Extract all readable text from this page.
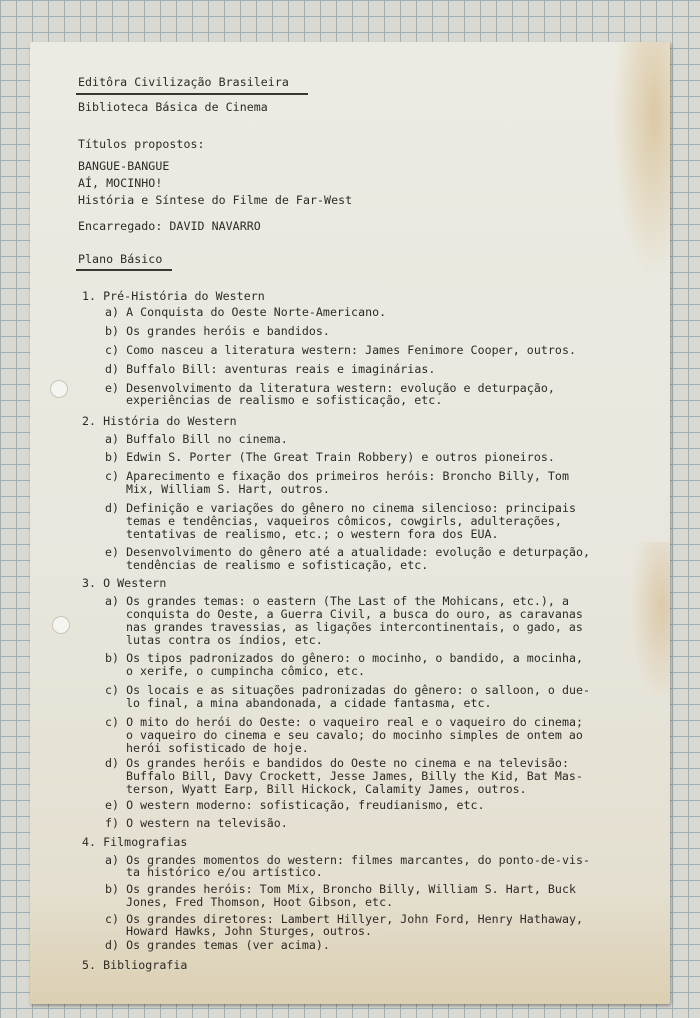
Editôra Civilização Brasileira

Biblioteca Básica de Cinema

Títulos propostos:

BANGUE-BANGUE

AÍ, MOCINHO!

História e Síntese do Filme de Far-West

Encarregado: DAVID NAVARRO

Plano Básico

1. Pré-História do Western

a) A Conquista do Oeste Norte-Americano.

b) Os grandes heróis e bandidos.

c) Como nasceu a literatura western: James Fenimore Cooper, outros.

d) Buffalo Bill: aventuras reais e imaginárias.

e) Desenvolvimento da literatura western: evolução e deturpação,

experiências de realismo e sofisticação, etc.

2. História do Western

a) Buffalo Bill no cinema.

b) Edwin S. Porter (The Great Train Robbery) e outros pioneiros.

c) Aparecimento e fixação dos primeiros heróis: Broncho Billy, Tom

Mix, William S. Hart, outros.

d) Definição e variações do gênero no cinema silencioso: principais

temas e tendências, vaqueiros cômicos, cowgirls, adulterações,

tentativas de realismo, etc.; o western fora dos EUA.

e) Desenvolvimento do gênero até a atualidade: evolução e deturpação,

tendências de realismo e sofisticação, etc.

3. O Western

a) Os grandes temas: o eastern (The Last of the Mohicans, etc.), a

conquista do Oeste, a Guerra Civil, a busca do ouro, as caravanas

nas grandes travessias, as ligações intercontinentais, o gado, as

lutas contra os índios, etc.

b) Os tipos padronizados do gênero: o mocinho, o bandido, a mocinha,

o xerife, o cumpincha cômico, etc.

c) Os locais e as situações padronizadas do gênero: o salloon, o due-

lo final, a mina abandonada, a cidade fantasma, etc.

c) O mito do herói do Oeste: o vaqueiro real e o vaqueiro do cinema;

o vaqueiro do cinema e seu cavalo; do mocinho simples de ontem ao

herói sofisticado de hoje.

d) Os grandes heróis e bandidos do Oeste no cinema e na televisão:

Buffalo Bill, Davy Crockett, Jesse James, Billy the Kid, Bat Mas-

terson, Wyatt Earp, Bill Hickock, Calamity James, outros.

e) O western moderno: sofisticação, freudianismo, etc.

f) O western na televisão.

4. Filmografias

a) Os grandes momentos do western: filmes marcantes, do ponto-de-vis-

ta histórico e/ou artístico.

b) Os grandes heróis: Tom Mix, Broncho Billy, William S. Hart, Buck

Jones, Fred Thomson, Hoot Gibson, etc.

c) Os grandes diretores: Lambert Hillyer, John Ford, Henry Hathaway,

Howard Hawks, John Sturges, outros.

d) Os grandes temas (ver acima).

5. Bibliografia
